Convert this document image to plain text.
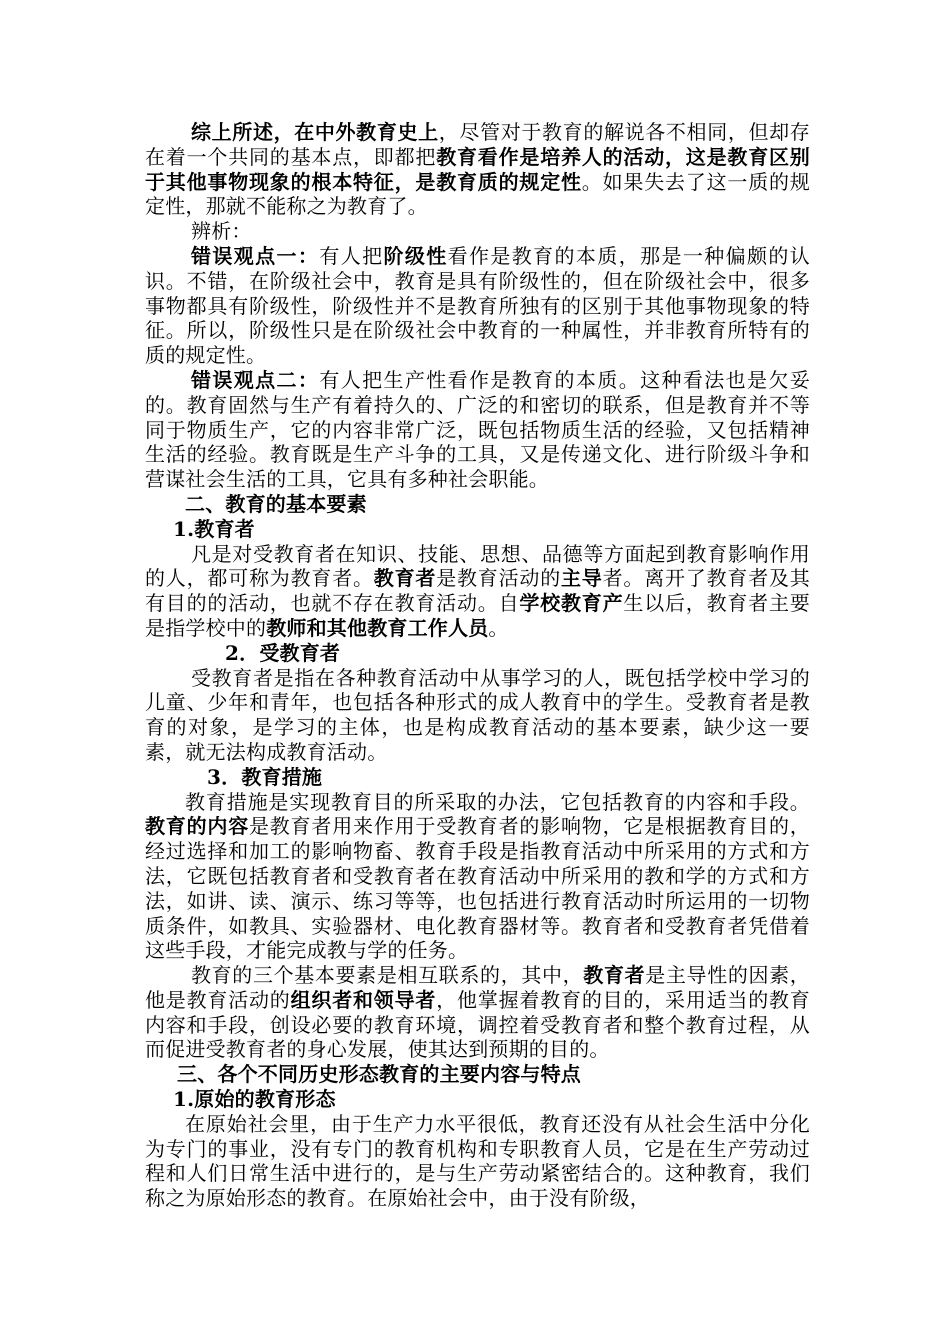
综上所述，在中外教育史上，尽管对于教育的解说各不相同，但却存在着一个共同的基本点，即都把教育看作是培养人的活动，这是教育区别于其他事物现象的根本特征，是教育质的规定性。如果失去了这一质的规定性，那就不能称之为教育了。

辨析：

错误观点一：有人把阶级性看作是教育的本质，那是一种偏颇的认识。不错，在阶级社会中，教育是具有阶级性的，但在阶级社会中，很多事物都具有阶级性，阶级性并不是教育所独有的区别于其他事物现象的特征。所以，阶级性只是在阶级社会中教育的一种属性，并非教育所特有的质的规定性。

错误观点二：有人把生产性看作是教育的本质。这种看法也是欠妥的。教育固然与生产有着持久的、广泛的和密切的联系，但是教育并不等同于物质生产，它的内容非常广泛，既包括物质生活的经验，又包括精神生活的经验。教育既是生产斗争的工具，又是传递文化、进行阶级斗争和营谋社会生活的工具，它具有多种社会职能。

二、教育的基本要素

1.教育者

凡是对受教育者在知识、技能、思想、品德等方面起到教育影响作用的人，都可称为教育者。教育者是教育活动的主导者。离开了教育者及其有目的的活动，也就不存在教育活动。自学校教育产生以后，教育者主要是指学校中的教师和其他教育工作人员。

2．受教育者

受教育者是指在各种教育活动中从事学习的人，既包括学校中学习的儿童、少年和青年，也包括各种形式的成人教育中的学生。受教育者是教育的对象，是学习的主体，也是构成教育活动的基本要素，缺少这一要素，就无法构成教育活动。

3．教育措施

教育措施是实现教育目的所采取的办法，它包括教育的内容和手段。教育的内容是教育者用来作用于受教育者的影响物，它是根据教育目的，经过选择和加工的影响物畜、教育手段是指教育活动中所采用的方式和方法，它既包括教育者和受教育者在教育活动中所采用的教和学的方式和方法，如讲、读、演示、练习等等，也包括进行教育活动时所运用的一切物质条件，如教具、实验器材、电化教育器材等。教育者和受教育者凭借着这些手段，才能完成教与学的任务。

教育的三个基本要素是相互联系的，其中，教育者是主导性的因素，他是教育活动的组织者和领导者，他掌握着教育的目的，采用适当的教育内容和手段，创设必要的教育环境，调控着受教育者和整个教育过程，从而促进受教育者的身心发展，使其达到预期的目的。

三、各个不同历史形态教育的主要内容与特点

1.原始的教育形态

在原始社会里，由于生产力水平很低，教育还没有从社会生活中分化为专门的事业，没有专门的教育机构和专职教育人员，它是在生产劳动过程和人们日常生活中进行的，是与生产劳动紧密结合的。这种教育，我们称之为原始形态的教育。在原始社会中，由于没有阶级，
